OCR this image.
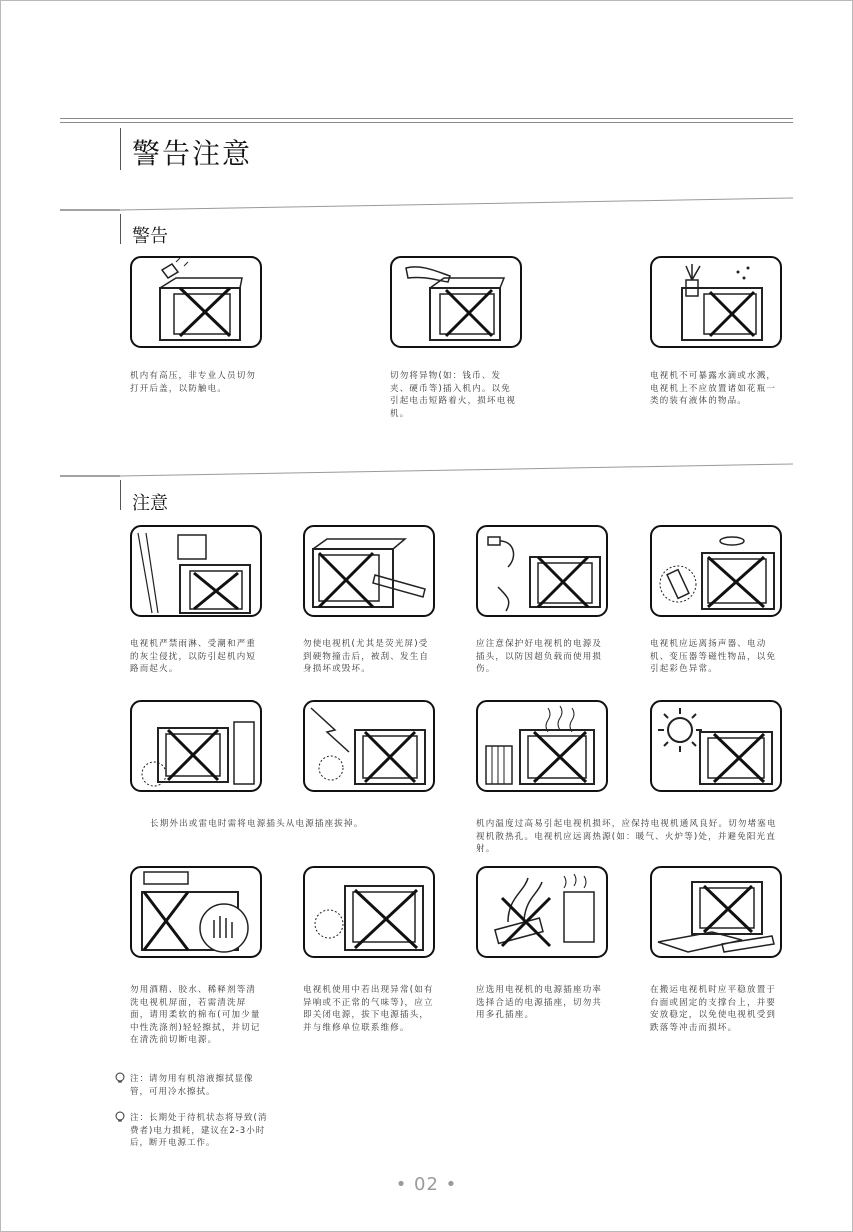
警告注意
警告
机内有高压，非专业人员切勿打开后盖，以防触电。
切勿将异物(如：钱币、发夹、硬币等)插入机内。以免引起电击短路着火，损坏电视机。
电视机不可暴露水滴或水溅，电视机上不应放置诸如花瓶一类的装有液体的物品。
注意
电视机严禁雨淋、受潮和严重的灰尘侵扰，以防引起机内短路而起火。
勿使电视机(尤其是荧光屏)受到硬物撞击后，被刮、发生自身损坏或毁坏。
应注意保护好电视机的电源及插头，以防因超负载而使用损伤。
电视机应远离扬声器、电动机、变压器等磁性物品，以免引起彩色异常。
长期外出或雷电时需将电源插头从电源插座拔掉。	机内温度过高易引起电视机损坏，应保持电视机通风良好。切勿堵塞电视机散热孔。电视机应远离热源(如：暖气、火炉等)处，并避免阳光直射。
勿用酒精、胶水、稀释剂等清洗电视机屏面，若需清洗屏面，请用柔软的棉布(可加少量中性洗涤剂)轻轻擦拭，并切记在清洗前切断电源。
电视机使用中若出现异常(如有异响或不正常的气味等)，应立即关闭电源，拔下电源插头，并与维修单位联系维修。
应选用电视机的电源插座功率选择合适的电源插座，切勿共用多孔插座。
在搬运电视机时应平稳放置于台面或固定的支撑台上，并要安放稳定，以免使电视机受到跌落等冲击而损坏。
注：请勿用有机溶液擦拭显像管，可用冷水擦拭。
注：长期处于待机状态将导致(消费者)电力损耗，建议在2-3小时后，断开电源工作。
• 02 •
